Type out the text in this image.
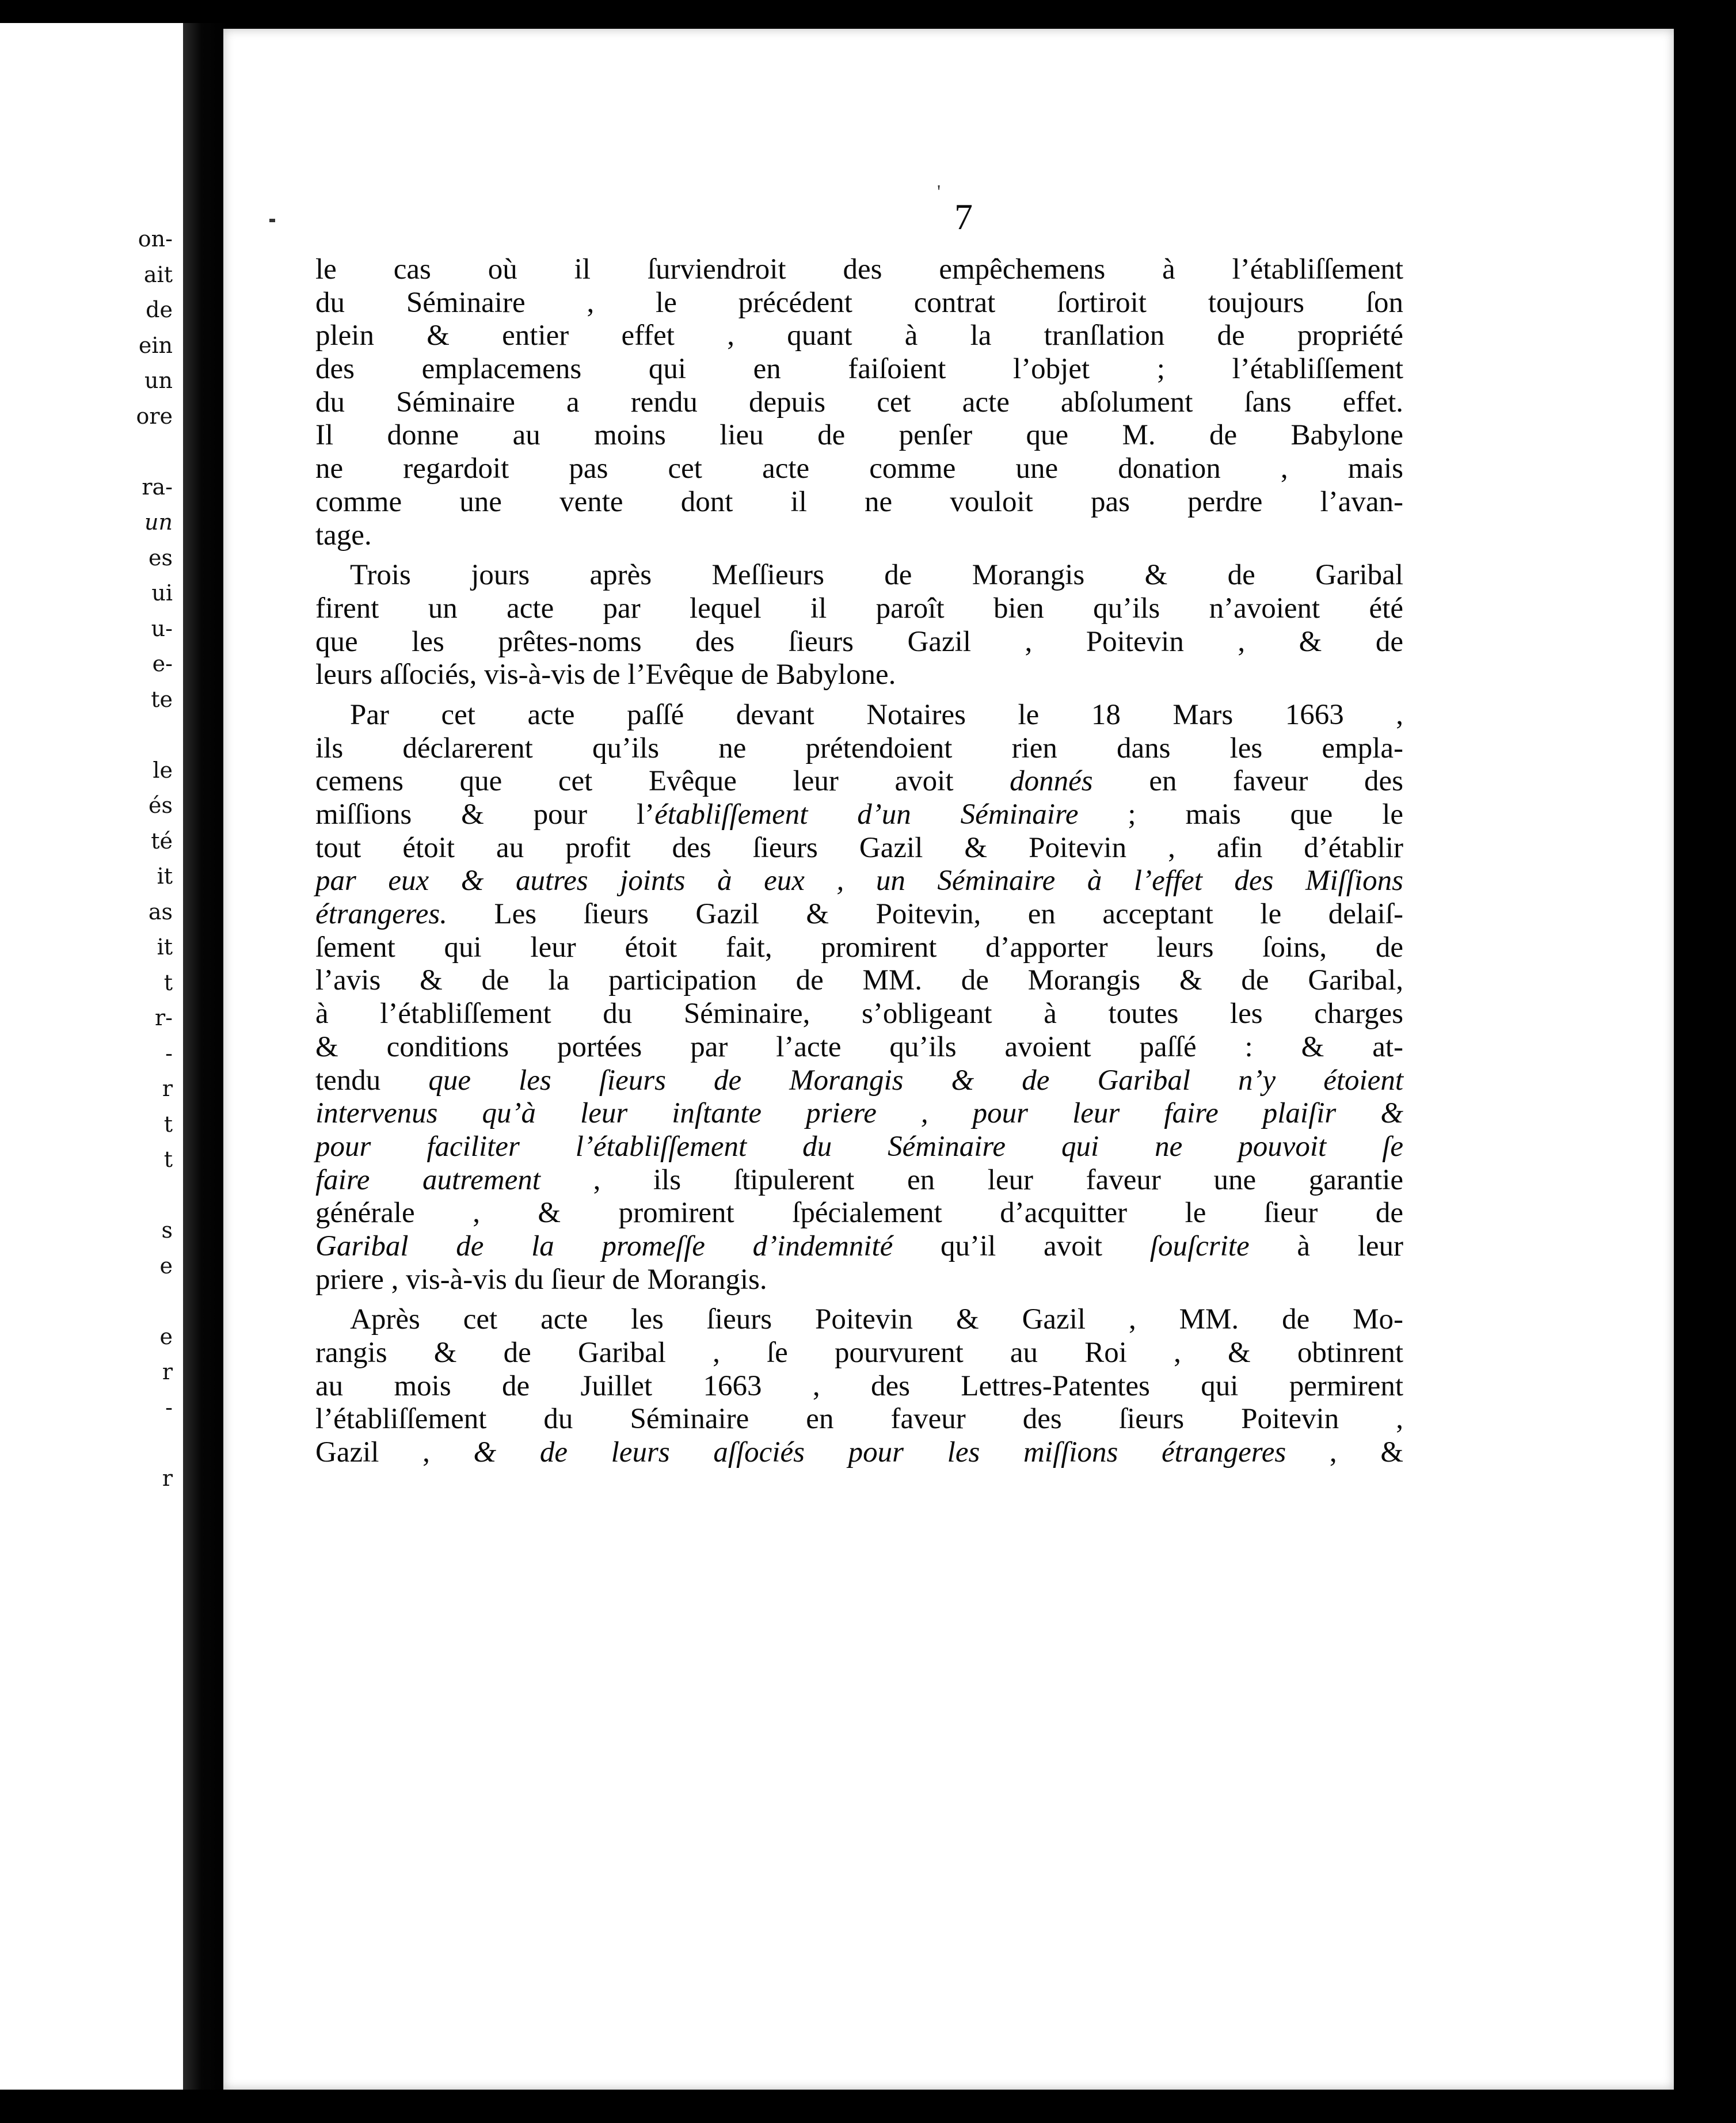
on-
ait
de
ein
un
ore

ra-
un
es
ui
u-
e-
te

le
és
té
it
as
it
t
r-
-
r
t
t

s
e

e
r
-

r
'
7
le cas où il ſurviendroit des empêchemens à l’établiſſement
du Séminaire , le précédent contrat ſortiroit toujours ſon
plein & entier effet , quant à la tranſlation de propriété
des emplacemens qui en faiſoient l’objet ; l’établiſſement
du Séminaire a rendu depuis cet acte abſolument ſans effet.
Il donne au moins lieu de penſer que M. de Babylone
ne regardoit pas cet acte comme une donation , mais
comme une vente dont il ne vouloit pas perdre l’avan-
tage.
Trois jours après Meſſieurs de Morangis & de Garibal
firent un acte par lequel il paroît bien qu’ils n’avoient été
que les prêtes-noms des ſieurs Gazil , Poitevin , & de
leurs aſſociés, vis-à-vis de l’Evêque de Babylone.
Par cet acte paſſé devant Notaires le 18 Mars 1663 ,
ils déclarerent qu’ils ne prétendoient rien dans les empla-
cemens que cet Evêque leur avoit donnés en faveur des
miſſions & pour l’établiſſement d’un Séminaire ; mais que le
tout étoit au profit des ſieurs Gazil & Poitevin , afin d’établir
par eux & autres joints à eux , un Séminaire à l’effet des Miſſions
étrangeres. Les ſieurs Gazil & Poitevin, en acceptant le delaiſ-
ſement qui leur étoit fait, promirent d’apporter leurs ſoins, de
l’avis & de la participation de MM. de Morangis & de Garibal,
à l’établiſſement du Séminaire, s’obligeant à toutes les charges
& conditions portées par l’acte qu’ils avoient paſſé : & at-
tendu que les ſieurs de Morangis & de Garibal n’y étoient
intervenus qu’à leur inſtante priere , pour leur faire plaiſir &
pour faciliter l’établiſſement du Séminaire qui ne pouvoit ſe
faire autrement , ils ſtipulerent en leur faveur une garantie
générale , & promirent ſpécialement d’acquitter le ſieur de
Garibal de la promeſſe d’indemnité qu’il avoit ſouſcrite à leur
priere , vis-à-vis du ſieur de Morangis.
Après cet acte les ſieurs Poitevin & Gazil , MM. de Mo-
rangis & de Garibal , ſe pourvurent au Roi , & obtinrent
au mois de Juillet 1663 , des Lettres-Patentes qui permirent
l’établiſſement du Séminaire en faveur des ſieurs Poitevin ,
Gazil , & de leurs aſſociés pour les miſſions étrangeres , &
